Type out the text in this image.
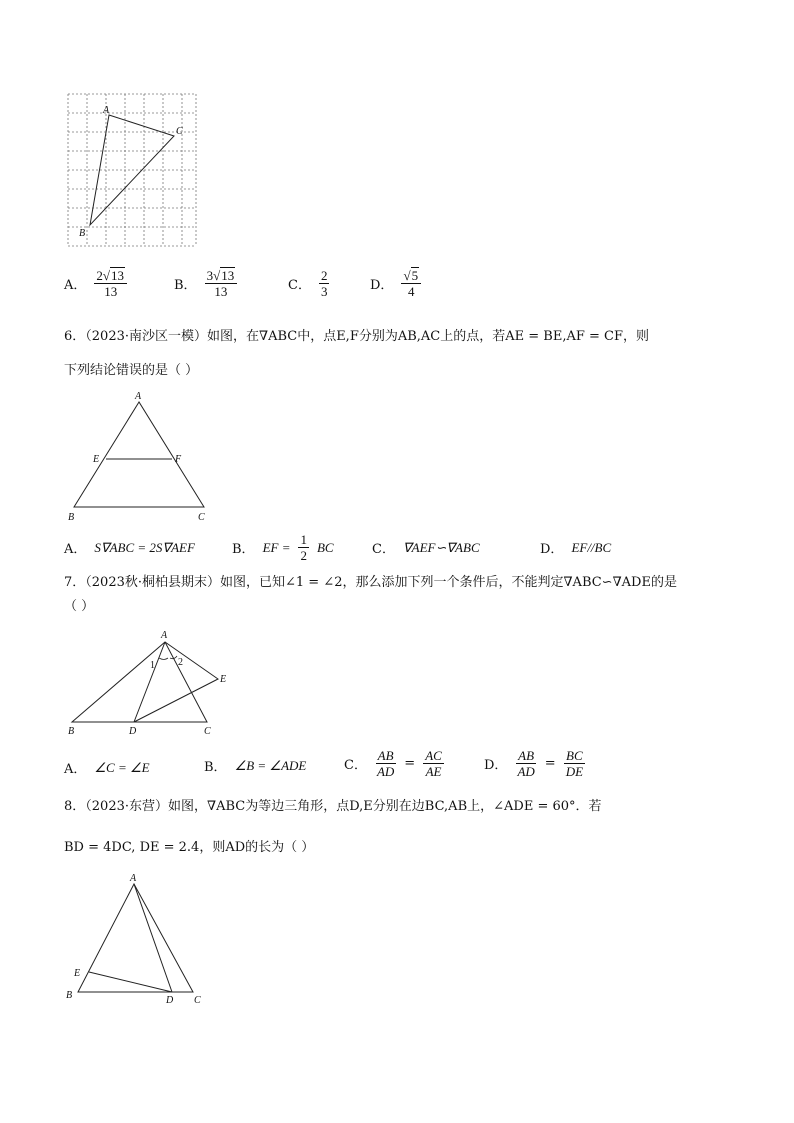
A
C
B
A． $\frac{2√13}{13}$	B． $\frac{3√13}{13}$	C． $\frac{2}{3}$	D． $\frac{√5}{4}$
6．（2023·南沙区一模）如图，在∇ABC中，点E,F分别为AB,AC上的点，若AE = BE,AF = CF，则
下列结论错误的是（ ）
A
E	F
B	C
A． S∇ABC = 2S∇AEF	B． EF = $\frac{1}{2}$ BC	C． ∇AEF∽∇ABC	D． EF//BC
7．（2023秋·桐柏县期末）如图，已知∠1 = ∠2，那么添加下列一个条件后，不能判定∇ABC∽∇ADE的是
（ ）
A
1 2
E
B	D	C
A． ∠C = ∠E	B． ∠B = ∠ADE	C． $\frac{AB}{AD} = \frac{AC}{AE}$	D． $\frac{AB}{AD} = \frac{BC}{DE}$
8．（2023·东营）如图，∇ABC为等边三角形，点D,E分别在边BC,AB上，∠ADE = 60°．若
BD = 4DC, DE = 2.4，则AD的长为（ ）
A
E
B	D C
